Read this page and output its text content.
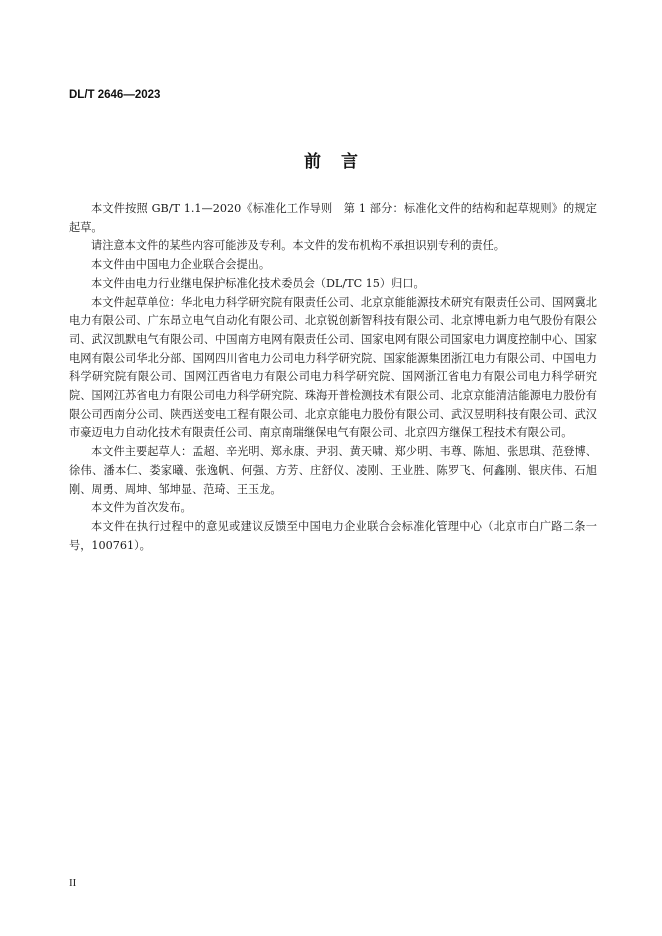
DL/T 2646—2023
前言

本文件按照 GB/T 1.1—2020《标准化工作导则　第 1 部分：标准化文件的结构和起草规则》的规定起草。

请注意本文件的某些内容可能涉及专利。本文件的发布机构不承担识别专利的责任。

本文件由中国电力企业联合会提出。

本文件由电力行业继电保护标准化技术委员会（DL/TC 15）归口。

本文件起草单位：华北电力科学研究院有限责任公司、北京京能能源技术研究有限责任公司、国网冀北电力有限公司、广东昂立电气自动化有限公司、北京锐创新智科技有限公司、北京博电新力电气股份有限公司、武汉凯默电气有限公司、中国南方电网有限责任公司、国家电网有限公司国家电力调度控制中心、国家电网有限公司华北分部、国网四川省电力公司电力科学研究院、国家能源集团浙江电力有限公司、中国电力科学研究院有限公司、国网江西省电力有限公司电力科学研究院、国网浙江省电力有限公司电力科学研究院、国网江苏省电力有限公司电力科学研究院、珠海开普检测技术有限公司、北京京能清洁能源电力股份有限公司西南分公司、陕西送变电工程有限公司、北京京能电力股份有限公司、武汉昱明科技有限公司、武汉市豪迈电力自动化技术有限责任公司、南京南瑞继保电气有限公司、北京四方继保工程技术有限公司。

本文件主要起草人：孟超、辛光明、郑永康、尹羽、黄天啸、郑少明、韦尊、陈旭、张思琪、范登博、徐伟、潘本仁、娄家曦、张逸帆、何强、方芳、庄舒仪、凌刚、王业胜、陈罗飞、何鑫刚、银庆伟、石旭刚、周勇、周坤、邹坤显、范琦、王玉龙。

本文件为首次发布。

本文件在执行过程中的意见或建议反馈至中国电力企业联合会标准化管理中心（北京市白广路二条一号，100761）。

II
